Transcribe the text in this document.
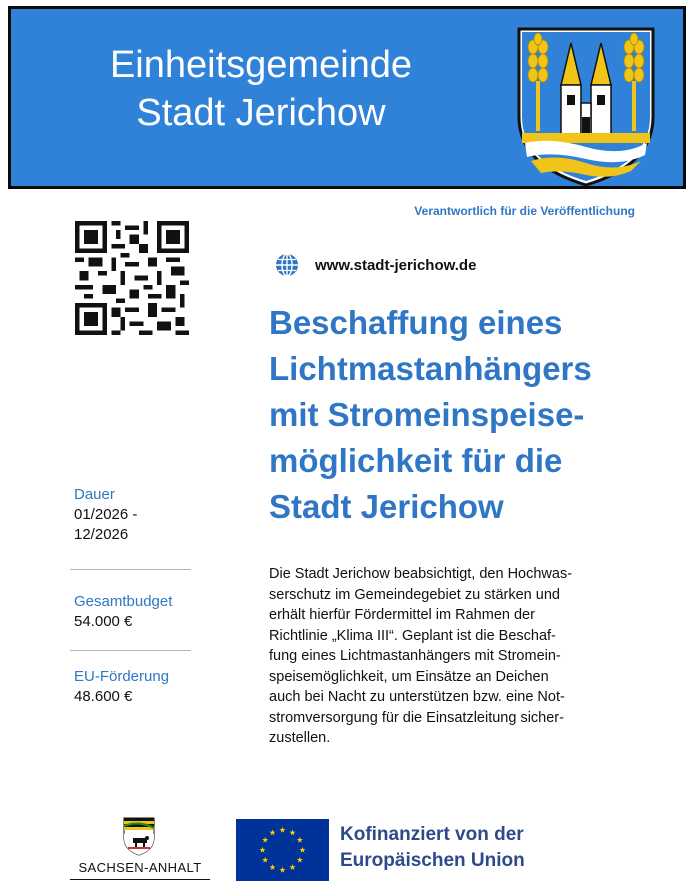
Einheitsgemeinde
Stadt Jerichow
Verantwortlich für die Veröffentlichung
www.stadt-jerichow.de
Beschaffung eines
Lichtmastanhängers
mit Stromeinspeise-
möglichkeit für die
Stadt Jerichow
Dauer
01/2026 - 12/2026
Gesamtbudget
54.000 €
EU-Förderung
48.600 €
Die Stadt Jerichow beabsichtigt, den Hochwas-
serschutz im Gemeindegebiet zu stärken und
erhält hierfür Fördermittel im Rahmen der
Richtlinie „Klima III“. Geplant ist die Beschaf-
fung eines Lichtmastanhängers mit Stromein-
speisemöglichkeit, um Einsätze an Deichen
auch bei Nacht zu unterstützen bzw. eine Not-
stromversorgung für die Einsatzleitung sicher-
zustellen.
SACHSEN-ANHALT
Kofinanziert von der
Europäischen Union
